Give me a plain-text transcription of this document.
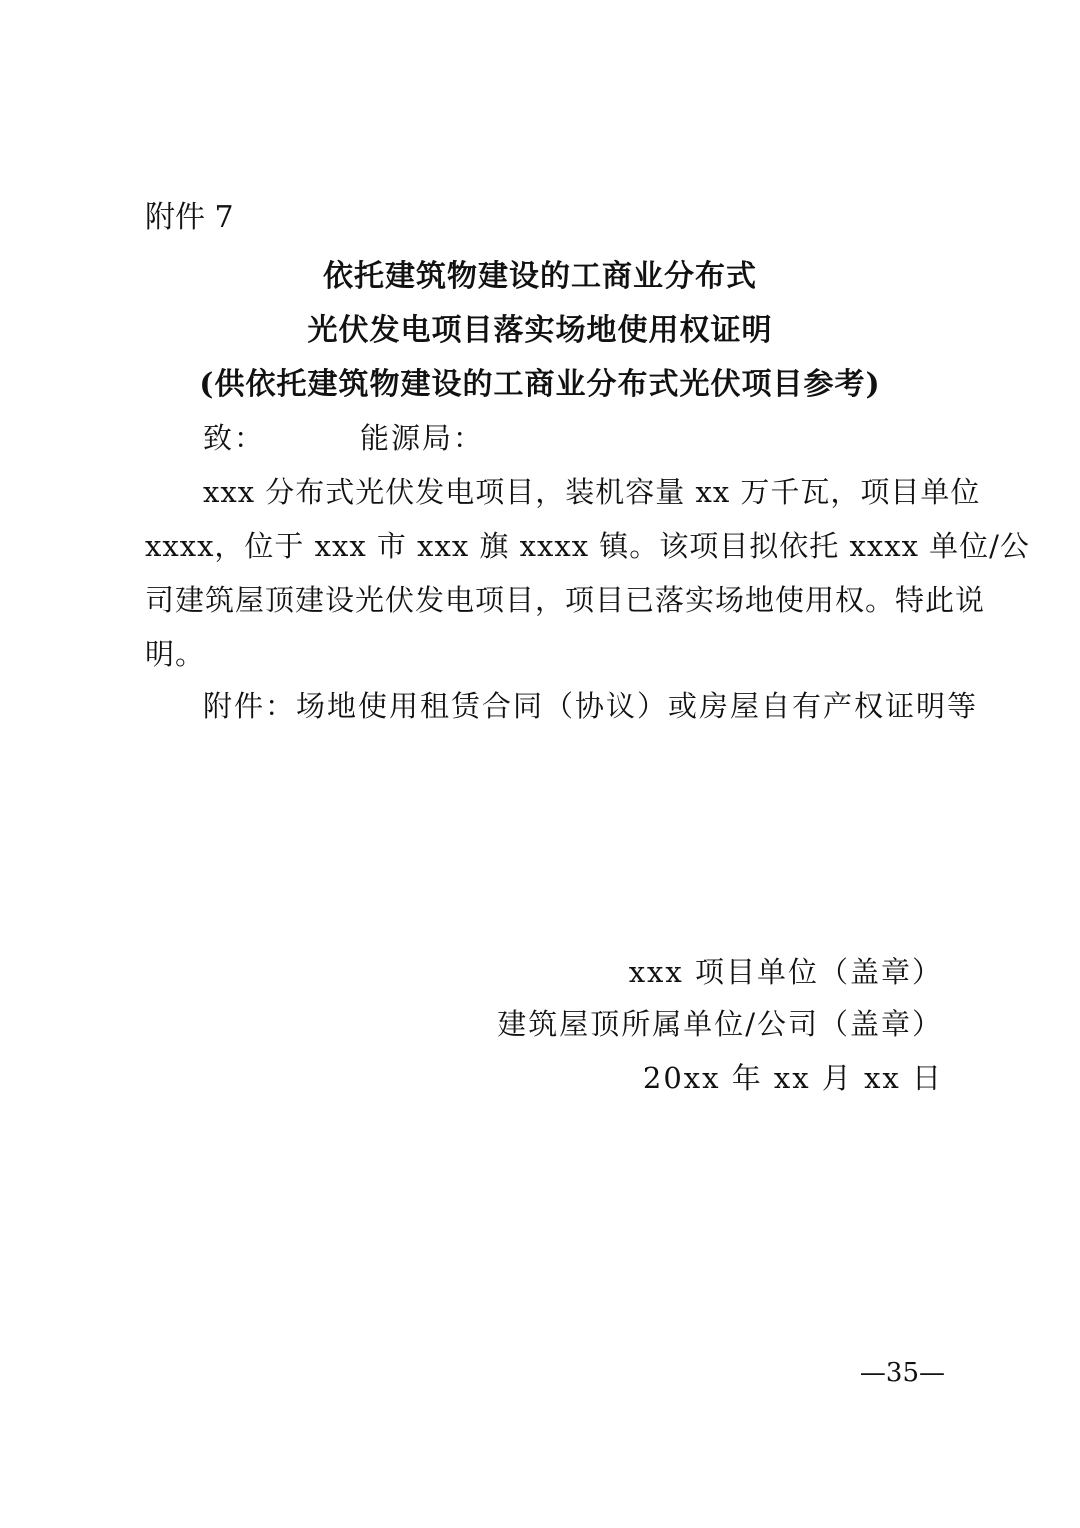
附件 7
依托建筑物建设的工商业分布式
光伏发电项目落实场地使用权证明
(供依托建筑物建设的工商业分布式光伏项目参考)
致：	能源局：
xxx 分布式光伏发电项目，装机容量 xx 万千瓦，项目单位
xxxx，位于 xxx 市 xxx 旗 xxxx 镇。该项目拟依托 xxxx 单位/公
司建筑屋顶建设光伏发电项目，项目已落实场地使用权。特此说
明。
附件：场地使用租赁合同（协议）或房屋自有产权证明等
xxx 项目单位（盖章）
建筑屋顶所属单位/公司（盖章）
20xx 年 xx 月 xx 日
—35—
